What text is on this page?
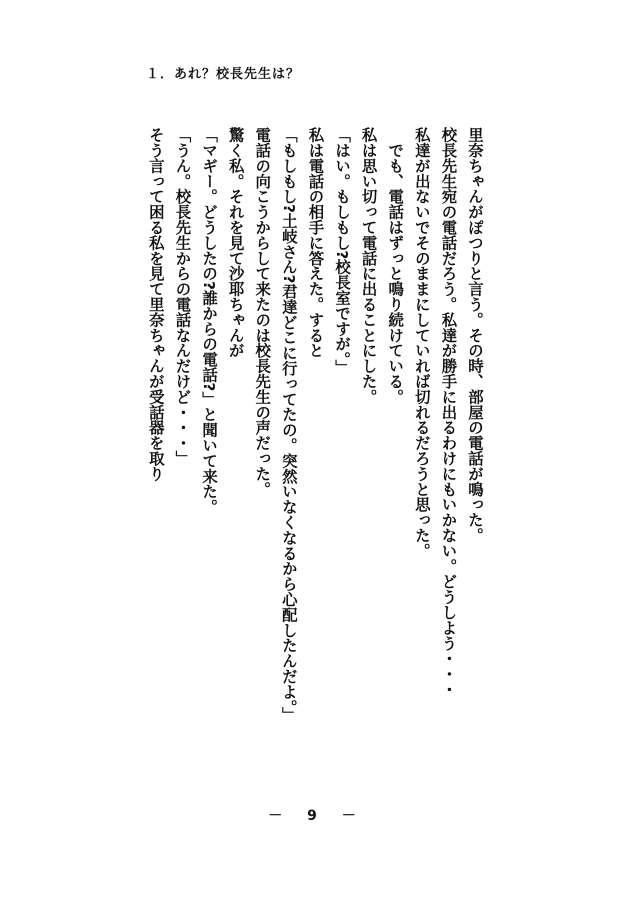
１．あれ？校長先生は？
里奈ちゃんがぽつりと言う。その時、部屋の電話が鳴った。
校長先生宛の電話だろう。私達が勝手に出るわけにもいかない。どうしよう・・・
私達が出ないでそのままにしていれば切れるだろうと思った。
　でも、電話はずっと鳴り続けている。
私は思い切って電話に出ることにした。
「はい。もしもし?校長室ですが。」
私は電話の相手に答えた。すると
「もしもし?土岐さん?君達どこに行ってたの。突然いなくなるから心配したんだよ。」
電話の向こうからして来たのは校長先生の声だった。
驚く私。それを見て沙耶ちゃんが
「マギー。どうしたの?誰からの電話?」と聞いて来た。
「うん。校長先生からの電話なんだけど・・・」
そう言って困る私を見て里奈ちゃんが受話器を取り
－ 9 －
